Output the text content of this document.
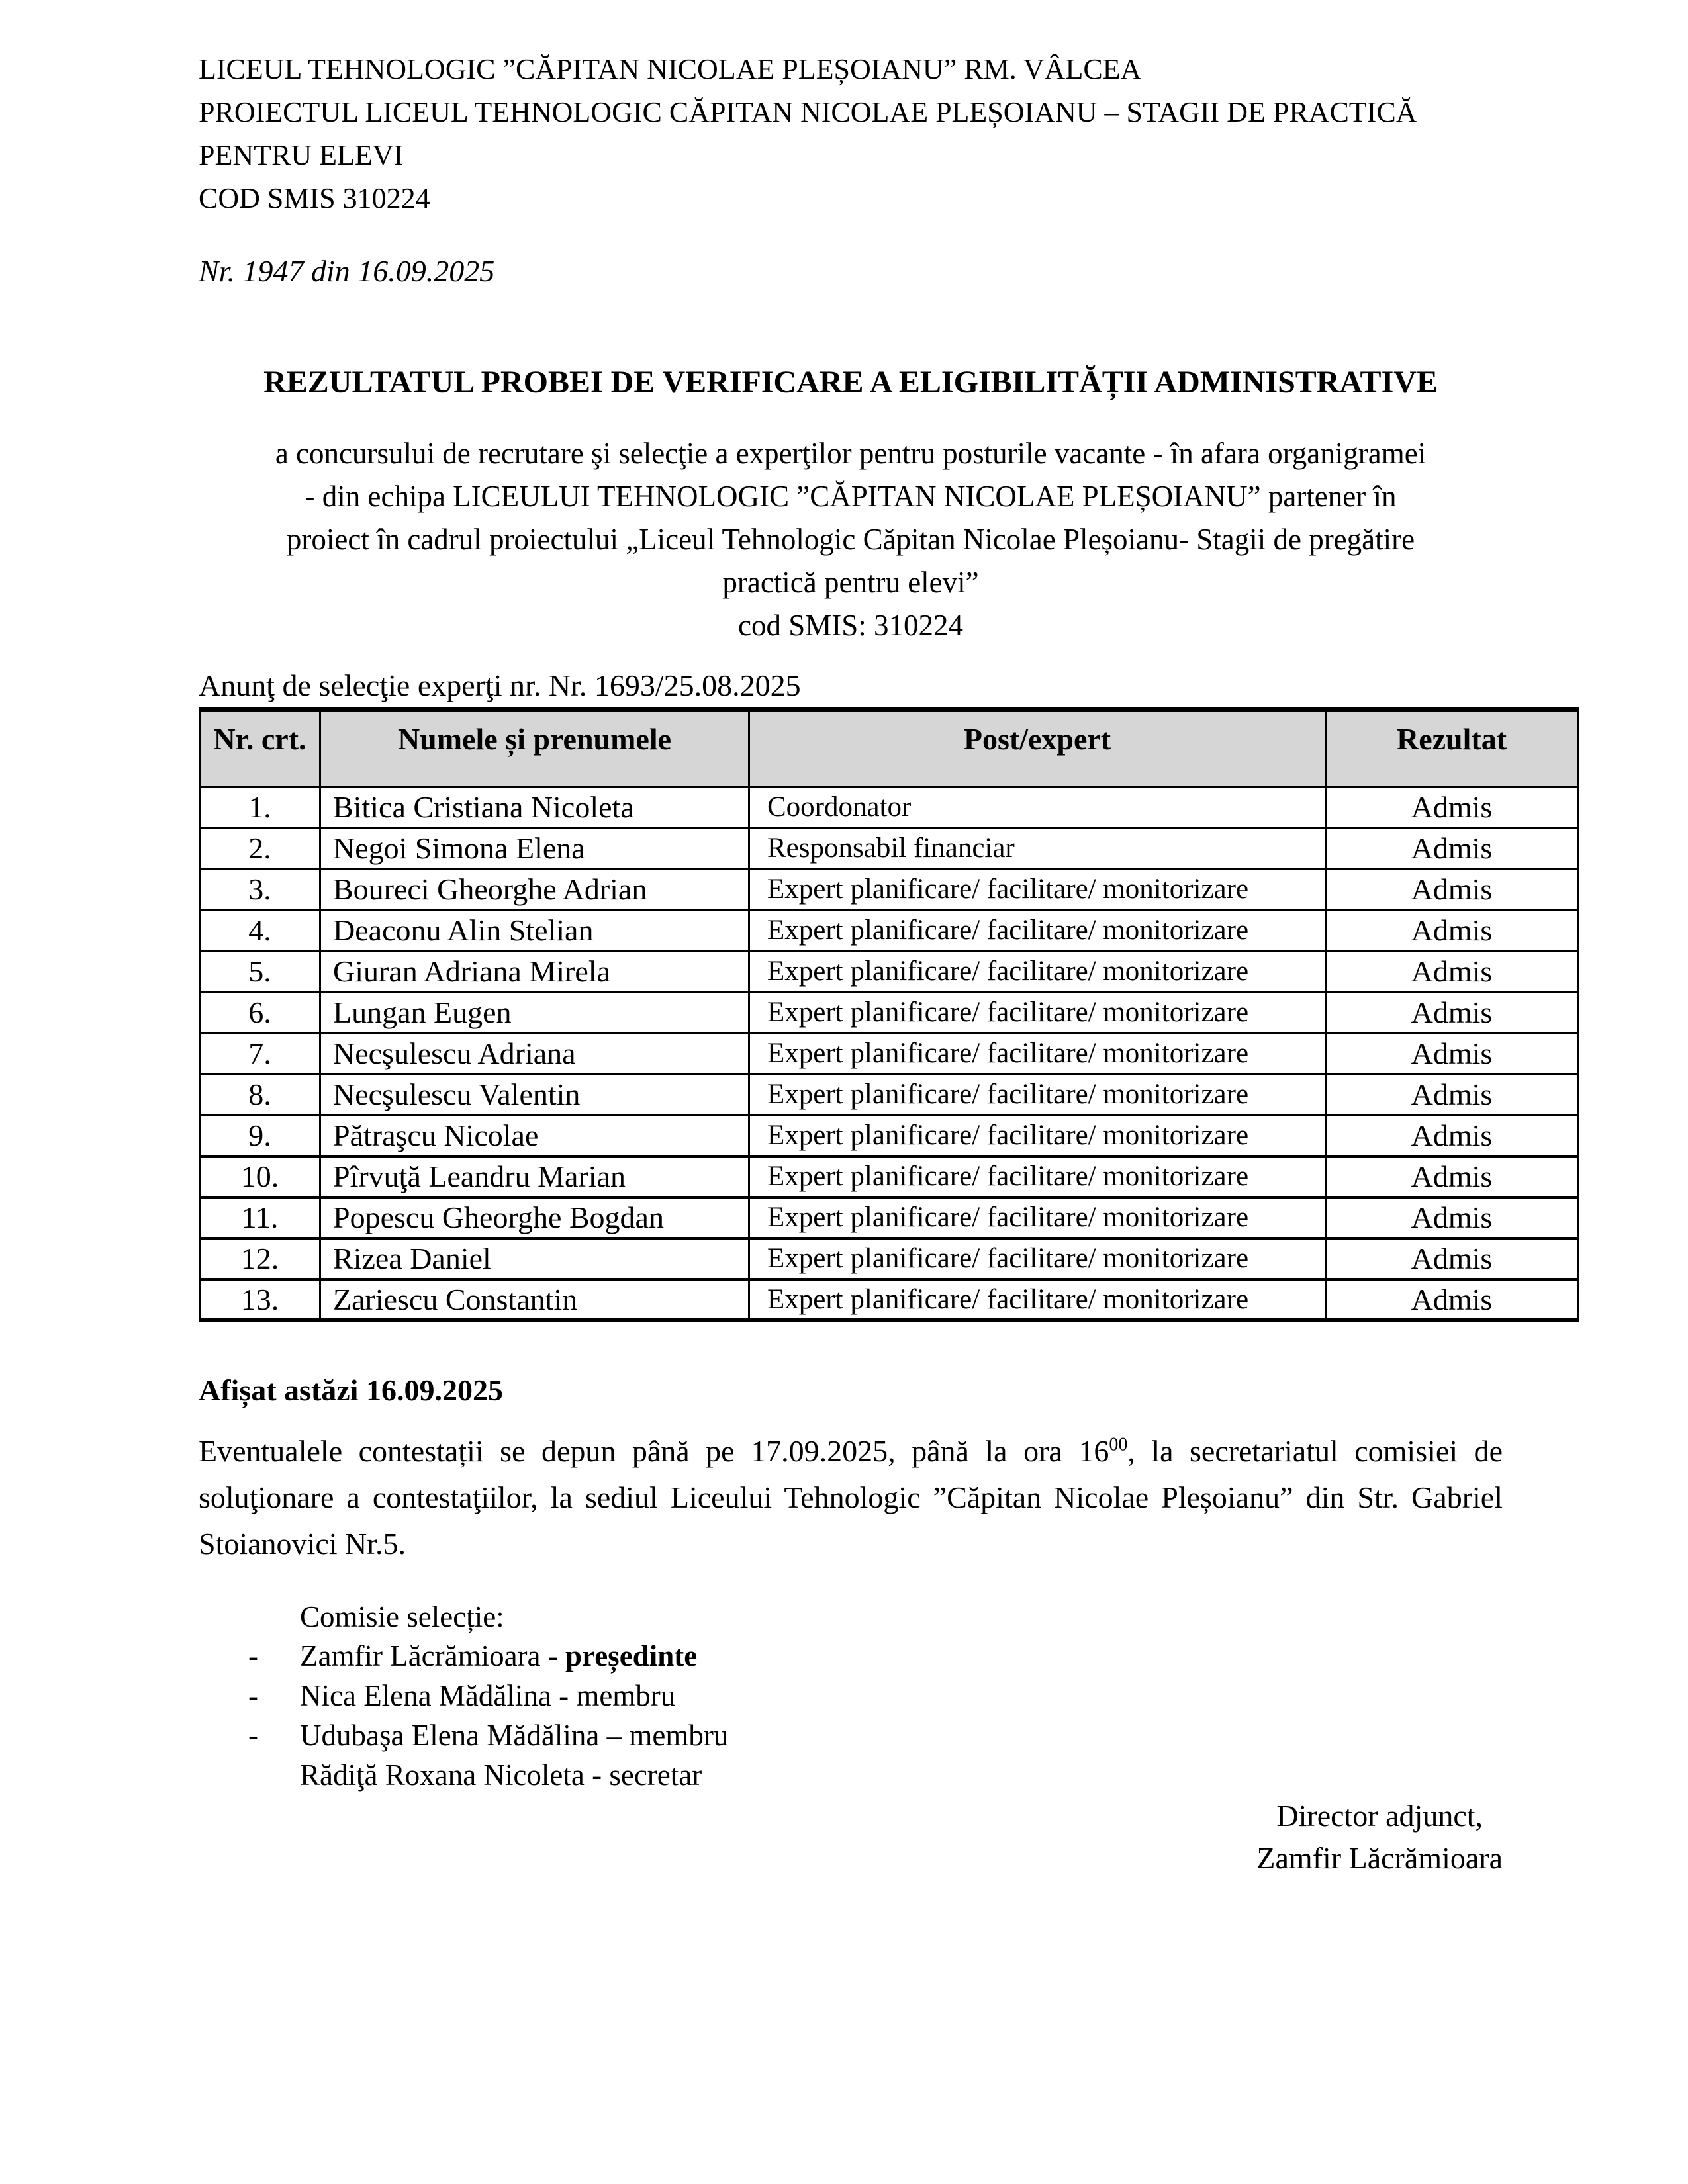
LICEUL TEHNOLOGIC ”CĂPITAN NICOLAE PLEȘOIANU” RM. VÂLCEA
PROIECTUL LICEUL TEHNOLOGIC CĂPITAN NICOLAE PLEȘOIANU – STAGII DE PRACTICĂ
PENTRU ELEVI
COD SMIS 310224
Nr. 1947 din 16.09.2025
REZULTATUL PROBEI DE VERIFICARE A ELIGIBILITĂȚII ADMINISTRATIVE
a concursului de recrutare şi selecţie a experţilor pentru posturile vacante - în afara organigramei
- din echipa LICEULUI TEHNOLOGIC ”CĂPITAN NICOLAE PLEȘOIANU” partener în
proiect în cadrul proiectului „Liceul Tehnologic Căpitan Nicolae Pleșoianu- Stagii de pregătire
practică pentru elevi”
cod SMIS: 310224
Anunţ de selecţie experţi nr. Nr. 1693/25.08.2025
Nr. crt.	Numele și prenumele	Post/expert	Rezultat
1.	Bitica Cristiana Nicoleta	Coordonator	Admis
2.	Negoi Simona Elena	Responsabil financiar	Admis
3.	Boureci Gheorghe Adrian	Expert planificare/ facilitare/ monitorizare	Admis
4.	Deaconu Alin Stelian	Expert planificare/ facilitare/ monitorizare	Admis
5.	Giuran Adriana Mirela	Expert planificare/ facilitare/ monitorizare	Admis
6.	Lungan Eugen	Expert planificare/ facilitare/ monitorizare	Admis
7.	Necşulescu Adriana	Expert planificare/ facilitare/ monitorizare	Admis
8.	Necşulescu Valentin	Expert planificare/ facilitare/ monitorizare	Admis
9.	Pătraşcu Nicolae	Expert planificare/ facilitare/ monitorizare	Admis
10.	Pîrvuţă Leandru Marian	Expert planificare/ facilitare/ monitorizare	Admis
11.	Popescu Gheorghe Bogdan	Expert planificare/ facilitare/ monitorizare	Admis
12.	Rizea Daniel	Expert planificare/ facilitare/ monitorizare	Admis
13.	Zariescu Constantin	Expert planificare/ facilitare/ monitorizare	Admis
Afișat astăzi 16.09.2025

Eventualele contestații se depun până pe 17.09.2025, până la ora $16^{00}$, la secretariatul comisiei de soluţionare a contestaţiilor, la sediul Liceului Tehnologic ”Căpitan Nicolae Pleșoianu” din Str. Gabriel Stoianovici Nr.5.

Comisie selecție:
-	Zamfir Lăcrămioara - președinte
-	Nica Elena Mădălina - membru
-	Udubaşa Elena Mădălina – membru
Rădiţă Roxana Nicoleta - secretar
Director adjunct,
Zamfir Lăcrămioara
